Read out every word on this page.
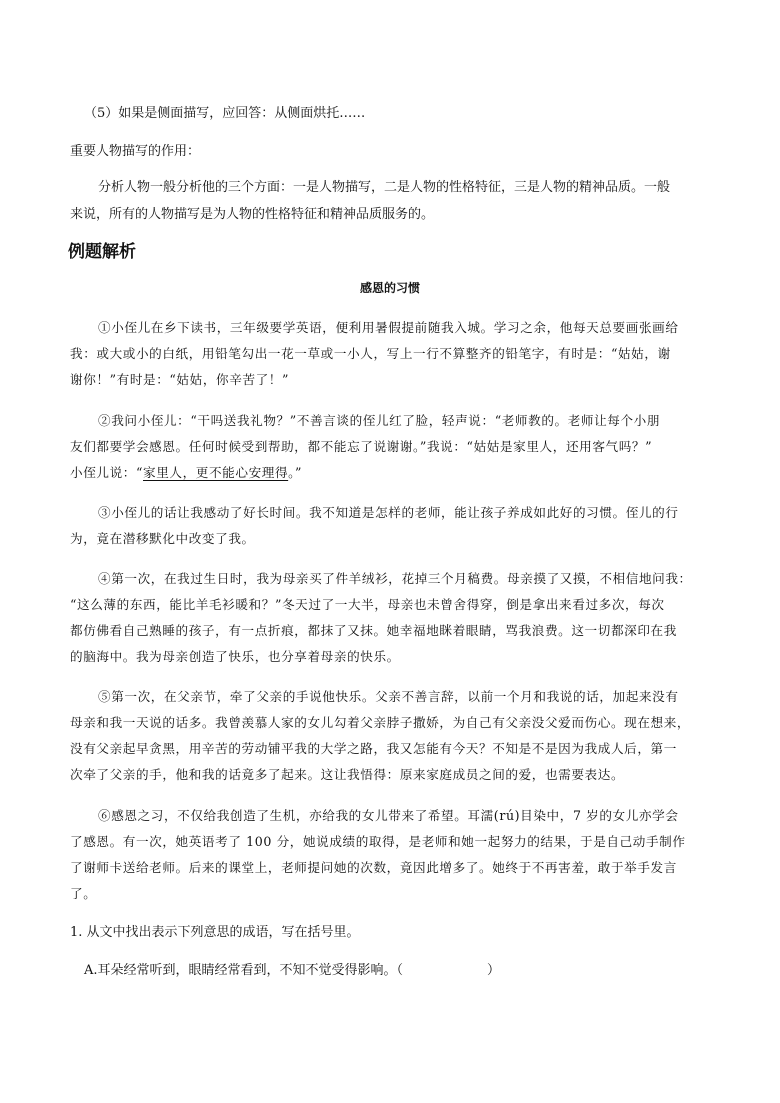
（5）如果是侧面描写，应回答：从侧面烘托……
重要人物描写的作用：
分析人物一般分析他的三个方面：一是人物描写，二是人物的性格特征，三是人物的精神品质。一般
来说，所有的人物描写是为人物的性格特征和精神品质服务的。
例题解析
感恩的习惯
①小侄儿在乡下读书，三年级要学英语，便利用暑假提前随我入城。学习之余，他每天总要画张画给
我：或大或小的白纸，用铅笔勾出一花一草或一小人，写上一行不算整齐的铅笔字，有时是：“姑姑，谢
谢你！”有时是：“姑姑，你辛苦了！”
②我问小侄儿：“干吗送我礼物？”不善言谈的侄儿红了脸，轻声说：“老师教的。老师让每个小朋
友们都要学会感恩。任何时候受到帮助，都不能忘了说谢谢。”我说：“姑姑是家里人，还用客气吗？”
小侄儿说：“家里人，更不能心安理得。”
③小侄儿的话让我感动了好长时间。我不知道是怎样的老师，能让孩子养成如此好的习惯。侄儿的行
为，竟在潜移默化中改变了我。
④第一次，在我过生日时，我为母亲买了件羊绒衫，花掉三个月稿费。母亲摸了又摸，不相信地问我：
“这么薄的东西，能比羊毛衫暖和？”冬天过了一大半，母亲也未曾舍得穿，倒是拿出来看过多次，每次
都仿佛看自己熟睡的孩子，有一点折痕，都抹了又抹。她幸福地眯着眼睛，骂我浪费。这一切都深印在我
的脑海中。我为母亲创造了快乐，也分享着母亲的快乐。
⑤第一次，在父亲节，牵了父亲的手说他快乐。父亲不善言辞，以前一个月和我说的话，加起来没有
母亲和我一天说的话多。我曾羡慕人家的女儿勾着父亲脖子撒娇，为自己有父亲没父爱而伤心。现在想来，
没有父亲起早贪黑，用辛苦的劳动铺平我的大学之路，我又怎能有今天？不知是不是因为我成人后，第一
次牵了父亲的手，他和我的话竟多了起来。这让我悟得：原来家庭成员之间的爱，也需要表达。
⑥感恩之习，不仅给我创造了生机，亦给我的女儿带来了希望。耳濡(rú)目染中，7 岁的女儿亦学会
了感恩。有一次，她英语考了 100 分，她说成绩的取得，是老师和她一起努力的结果，于是自己动手制作
了谢师卡送给老师。后来的课堂上，老师提问她的次数，竟因此增多了。她终于不再害羞，敢于举手发言
了。
1. 从文中找出表示下列意思的成语，写在括号里。
A.耳朵经常听到，眼睛经常看到，不知不觉受得影响。（	）
